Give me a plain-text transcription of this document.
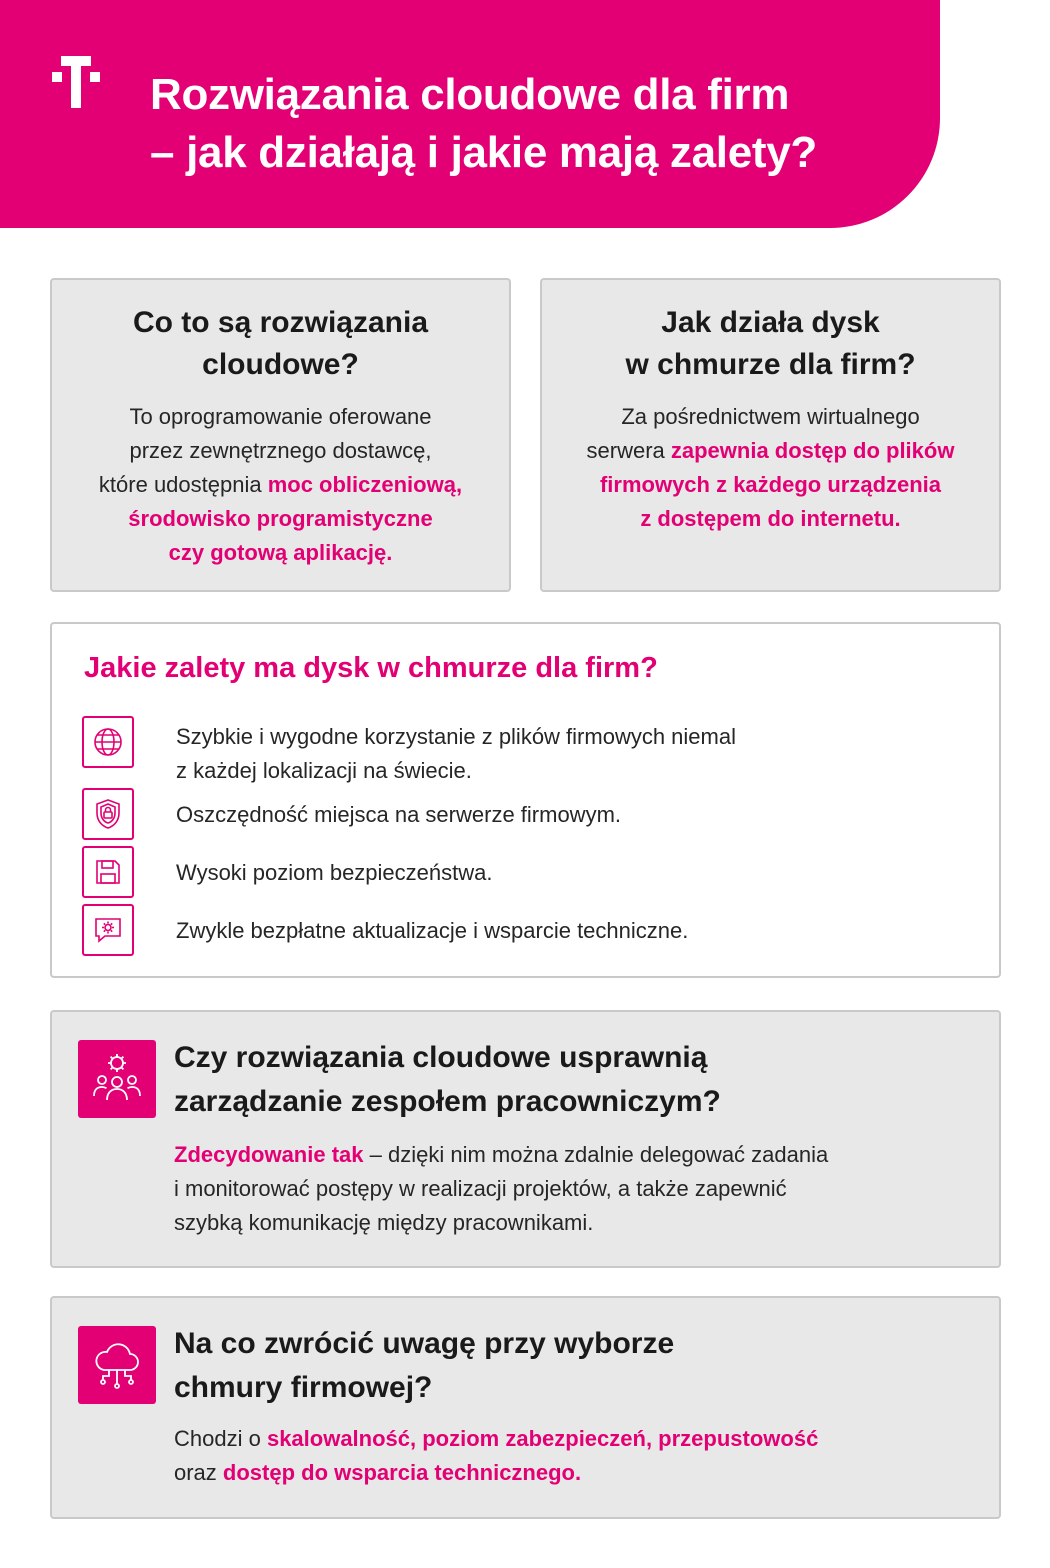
Rozwiązania cloudowe dla firm
– jak działają i jakie mają zalety?
Co to są rozwiązania
cloudowe?
To oprogramowanie oferowane
przez zewnętrznego dostawcę,
które udostępnia moc obliczeniową,
środowisko programistyczne
czy gotową aplikację.
Jak działa dysk
w chmurze dla firm?
Za pośrednictwem wirtualnego
serwera zapewnia dostęp do plików
firmowych z każdego urządzenia
z dostępem do internetu.
Jakie zalety ma dysk w chmurze dla firm?
Szybkie i wygodne korzystanie z plików firmowych niemal
z każdej lokalizacji na świecie.
Oszczędność miejsca na serwerze firmowym.
Wysoki poziom bezpieczeństwa.
Zwykle bezpłatne aktualizacje i wsparcie techniczne.
Czy rozwiązania cloudowe usprawnią
zarządzanie zespołem pracowniczym?
Zdecydowanie tak – dzięki nim można zdalnie delegować zadania
i monitorować postępy w realizacji projektów, a także zapewnić
szybką komunikację między pracownikami.
Na co zwrócić uwagę przy wyborze
chmury firmowej?
Chodzi o skalowalność, poziom zabezpieczeń, przepustowość
oraz dostęp do wsparcia technicznego.
